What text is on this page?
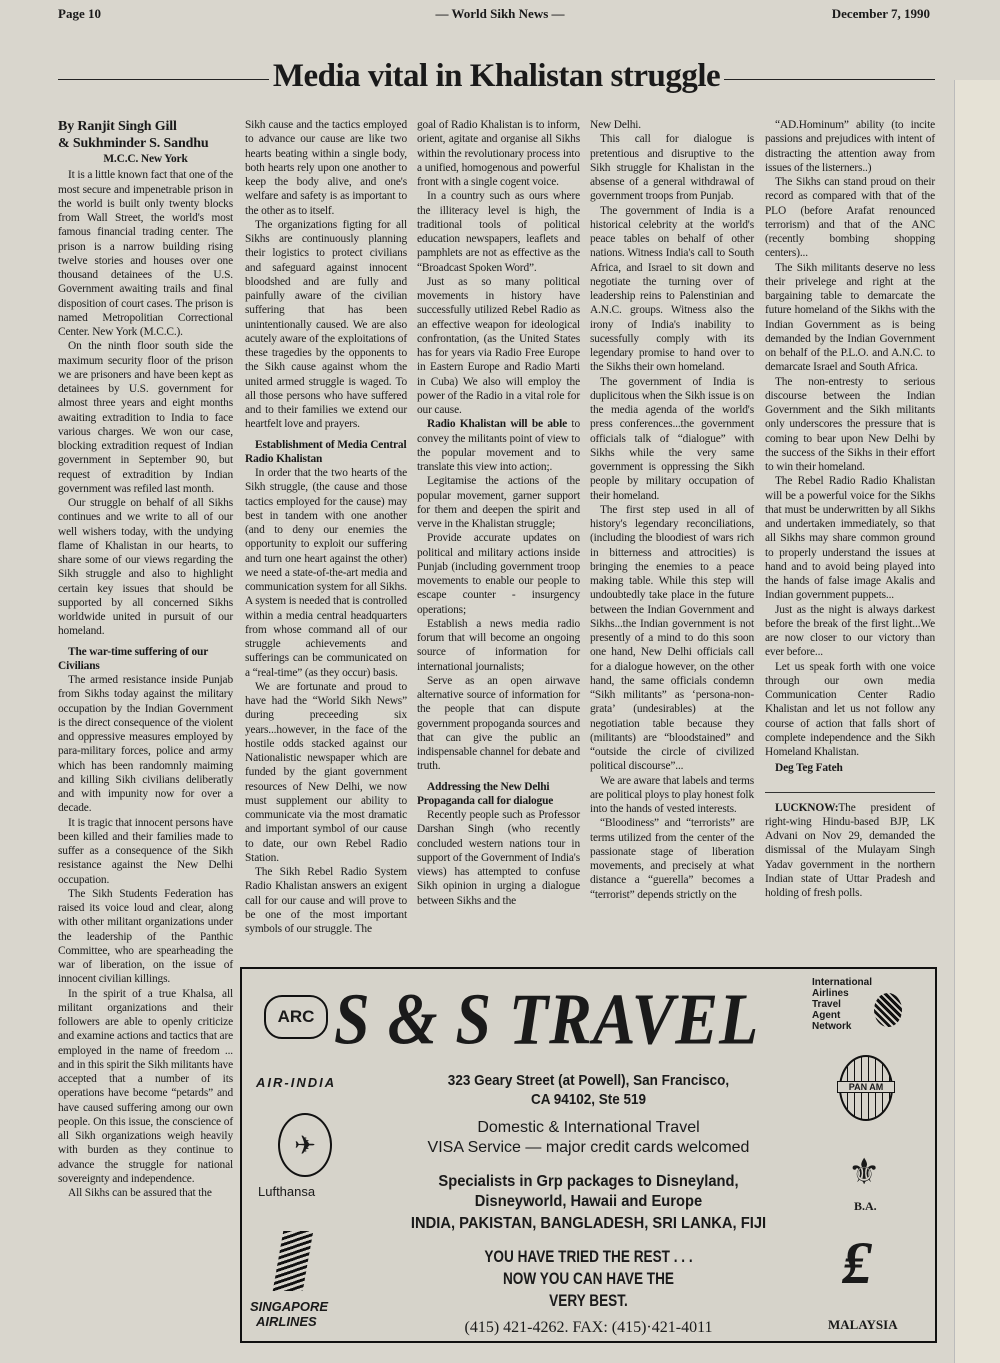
Page 10	— World Sikh News —	December 7, 1990
Media vital in Khalistan struggle

By Ranjit Singh Gill

& Sukhminder S. Sandhu

M.C.C. New York

It is a little known fact that one of the most secure and impenetrable prison in the world is built only twenty blocks from Wall Street, the world's most famous financial trading center. The prison is a narrow building rising twelve stories and houses over one thousand detainees of the U.S. Government awaiting trails and final disposition of court cases. The prison is named Metropolitian Correctional Center. New York (M.C.C.).

On the ninth floor south side the maximum security floor of the prison we are prisoners and have been kept as detainees by U.S. government for almost three years and eight months awaiting extradition to India to face various charges. We won our case, blocking extradition request of Indian government in September 90, but request of extradition by Indian government was refiled last month.

Our struggle on behalf of all Sikhs continues and we write to all of our well wishers today, with the undying flame of Khalistan in our hearts, to share some of our views regarding the Sikh struggle and also to highlight certain key issues that should be supported by all concerned Sikhs worldwide united in pursuit of our homeland.

The war-time suffering of our Civilians

The armed resistance inside Punjab from Sikhs today against the military occupation by the Indian Government is the direct consequence of the violent and oppressive measures employed by para-military forces, police and army which has been randomnly maiming and killing Sikh civilians deliberatly and with impunity now for over a decade.

It is tragic that innocent persons have been killed and their families made to suffer as a consequence of the Sikh resistance against the New Delhi occupation.

The Sikh Students Federation has raised its voice loud and clear, along with other militant organizations under the leadership of the Panthic Committee, who are spearheading the war of liberation, on the issue of innocent civilian killings.

In the spirit of a true Khalsa, all militant organizations and their followers are able to openly criticize and examine actions and tactics that are employed in the name of freedom ... and in this spirit the Sikh militants have accepted that a number of its operations have become “petards” and have caused suffering among our own people. On this issue, the conscience of all Sikh organizations weigh heavily with burden as they continue to advance the struggle for national sovereignty and independence.

All Sikhs can be assured that the

Sikh cause and the tactics employed to advance our cause are like two hearts beating within a single body, both hearts rely upon one another to keep the body alive, and one's welfare and safety is as important to the other as to itself.

The organizations figting for all Sikhs are continuously planning their logistics to protect civilians and safeguard against innocent bloodshed and are fully and painfully aware of the civilian suffering that has been unintentionally caused. We are also acutely aware of the exploitations of these tragedies by the opponents to the Sikh cause against whom the united armed struggle is waged. To all those persons who have suffered and to their families we extend our heartfelt love and prayers.

Establishment of Media Central Radio Khalistan

In order that the two hearts of the Sikh struggle, (the cause and those tactics employed for the cause) may best in tandem with one another (and to deny our enemies the opportunity to exploit our suffering and turn one heart against the other) we need a state-of-the-art media and communication system for all Sikhs. A system is needed that is controlled within a media central headquarters from whose command all of our struggle achievements and sufferings can be communicated on a “real-time” (as they occur) basis.

We are fortunate and proud to have had the “World Sikh News” during preceeding six years...however, in the face of the hostile odds stacked against our Nationalistic newspaper which are funded by the giant government resources of New Delhi, we now must supplement our ability to communicate via the most dramatic and important symbol of our cause to date, our own Rebel Radio Station.

The Sikh Rebel Radio System Radio Khalistan answers an exigent call for our cause and will prove to be one of the most important symbols of our struggle. The

goal of Radio Khalistan is to inform, orient, agitate and organise all Sikhs within the revolutionary process into a unified, homogenous and powerful front with a single cogent voice.

In a country such as ours where the illiteracy level is high, the traditional tools of political education newspapers, leaflets and pamphlets are not as effective as the “Broadcast Spoken Word”.

Just as so many political movements in history have successfully utilized Rebel Radio as an effective weapon for ideological confrontation, (as the United States has for years via Radio Free Europe in Eastern Europe and Radio Marti in Cuba) We also will employ the power of the Radio in a vital role for our cause.

Radio Khalistan will be able to convey the militants point of view to the popular movement and to translate this view into action;.

Legitamise the actions of the popular movement, garner support for them and deepen the spirit and verve in the Khalistan struggle;

Provide accurate updates on political and military actions inside Punjab (including government troop movements to enable our people to escape counter - insurgency operations;

Establish a news media radio forum that will become an ongoing source of information for international journalists;

Serve as an open airwave alternative source of information for the people that can dispute government propoganda sources and that can give the public an indispensable channel for debate and truth.

Addressing the New Delhi Propaganda call for dialogue

Recently people such as Professor Darshan Singh (who recently concluded western nations tour in support of the Government of India's views) has attempted to confuse Sikh opinion in urging a dialogue between Sikhs and the

New Delhi.

This call for dialogue is pretentious and disruptive to the Sikh struggle for Khalistan in the absense of a general withdrawal of government troops from Punjab.

The government of India is a historical celebrity at the world's peace tables on behalf of other nations. Witness India's call to South Africa, and Israel to sit down and negotiate the turning over of leadership reins to Palenstinian and A.N.C. groups. Witness also the irony of India's inability to sucessfully comply with its legendary promise to hand over to the Sikhs their own homeland.

The government of India is duplicitous when the Sikh issue is on the media agenda of the world's press conferences...the government officials talk of “dialogue” with Sikhs while the very same government is oppressing the Sikh people by military occupation of their homeland.

The first step used in all of history's legendary reconciliations, (including the bloodiest of wars rich in bitterness and attrocities) is bringing the enemies to a peace making table. While this step will undoubtedly take place in the future between the Indian Government and Sikhs...the Indian government is not presently of a mind to do this soon one hand, New Delhi officials call for a dialogue however, on the other hand, the same officials condemn “Sikh militants” as ‘persona-non-grata’ (undesirables) at the negotiation table because they (militants) are “bloodstained” and “outside the circle of civilized political discourse”...

We are aware that labels and terms are political ploys to play honest folk into the hands of vested interests.

“Bloodiness” and “terrorists” are terms utilized from the center of the passionate stage of liberation movements, and precisely at what distance a “guerella” becomes a “terrorist” depends strictly on the

“AD.Hominum” ability (to incite passions and prejudices with intent of distracting the attention away from issues of the listerners..)

The Sikhs can stand proud on their record as compared with that of the PLO (before Arafat renounced terrorism) and that of the ANC (recently bombing shopping centers)...

The Sikh militants deserve no less their privelege and right at the bargaining table to demarcate the future homeland of the Sikhs with the Indian Government as is being demanded by the Indian Government on behalf of the P.L.O. and A.N.C. to demarcate Israel and South Africa.

The non-entresty to serious discourse between the Indian Government and the Sikh militants only underscores the pressure that is coming to bear upon New Delhi by the success of the Sikhs in their effort to win their homeland.

The Rebel Radio Radio Khalistan will be a powerful voice for the Sikhs that must be underwritten by all Sikhs and undertaken immediately, so that all Sikhs may share common ground to properly understand the issues at hand and to avoid being played into the hands of false image Akalis and Indian government puppets...

Just as the night is always darkest before the break of the first light...We are now closer to our victory than ever before...

Let us speak forth with one voice through our own media Communication Center Radio Khalistan and let us not follow any course of action that falls short of complete independence and the Sikh Homeland Khalistan.

Deg Teg Fateh

LUCKNOW:The president of right-wing Hindu-based BJP, LK Advani on Nov 29, demanded the dismissal of the Mulayam Singh Yadav government in the northern Indian state of Uttar Pradesh and holding of fresh polls.

ARC S & S TRAVEL	International
Airlines
Travel
Agent
Network
323 Geary Street (at Powell), San Francisco,
CA 94102, Ste 519
AIR-INDIA
Domestic & International Travel
VISA Service — major credit cards welcomed
✈
Lufthansa
Specialists in Grp packages to Disneyland,
Disneyworld, Hawaii and Europe
INDIA, PAKISTAN, BANGLADESH, SRI LANKA, FIJI
YOU HAVE TRIED THE REST . . .
NOW YOU CAN HAVE THE
VERY BEST.
(415) 421-4262. FAX: (415)·421-4011
SINGAPORE
AIRLINES
PAN AM
⚜
B.A.
₤
MALAYSIA
